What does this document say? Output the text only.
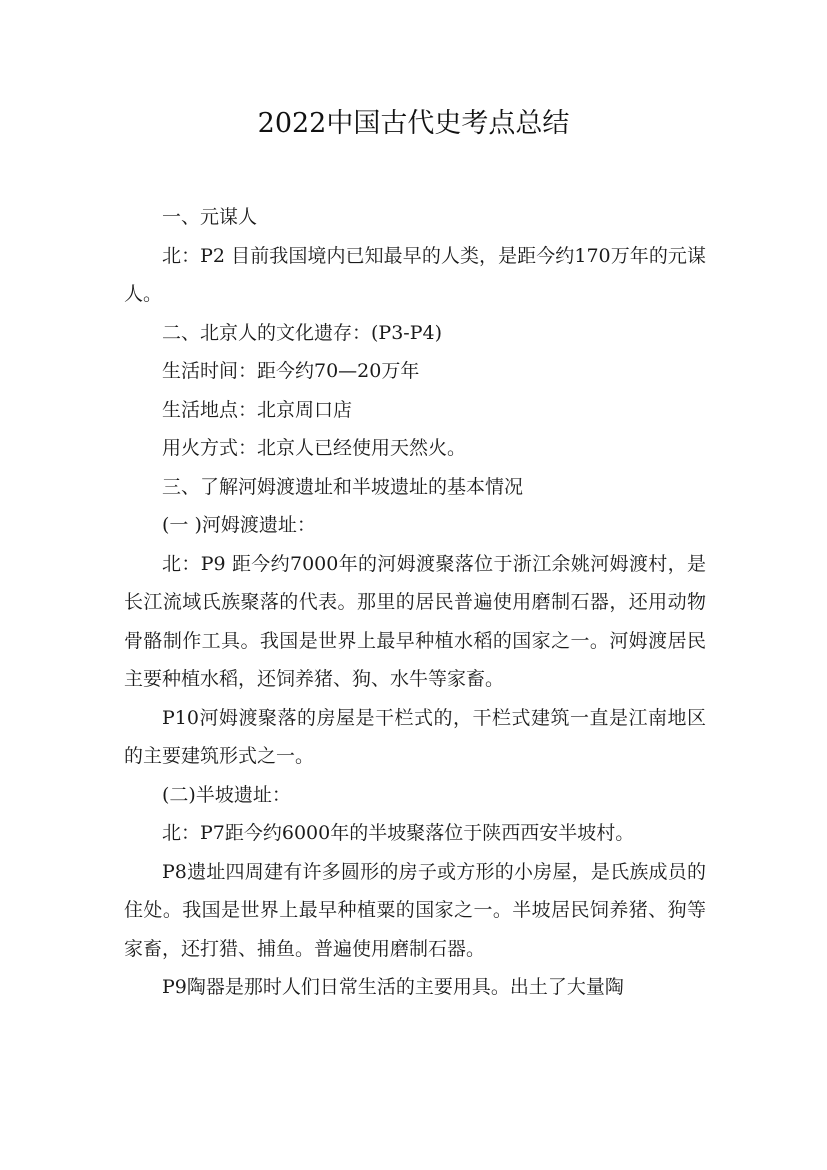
2022中国古代史考点总结

一、元谋人

北：P2 目前我国境内已知最早的人类，是距今约170万年的元谋人。

二、北京人的文化遗存：(P3-P4)

生活时间：距今约70—20万年

生活地点：北京周口店

用火方式：北京人已经使用天然火。

三、了解河姆渡遗址和半坡遗址的基本情况

(一 )河姆渡遗址：

北：P9 距今约7000年的河姆渡聚落位于浙江余姚河姆渡村，是长江流域氏族聚落的代表。那里的居民普遍使用磨制石器，还用动物骨骼制作工具。我国是世界上最早种植水稻的国家之一。河姆渡居民主要种植水稻，还饲养猪、狗、水牛等家畜。

P10河姆渡聚落的房屋是干栏式的，干栏式建筑一直是江南地区的主要建筑形式之一。

(二)半坡遗址：

北：P7距今约6000年的半坡聚落位于陕西西安半坡村。

P8遗址四周建有许多圆形的房子或方形的小房屋，是氏族成员的住处。我国是世界上最早种植粟的国家之一。半坡居民饲养猪、狗等家畜，还打猎、捕鱼。普遍使用磨制石器。

P9陶器是那时人们日常生活的主要用具。出土了大量陶
